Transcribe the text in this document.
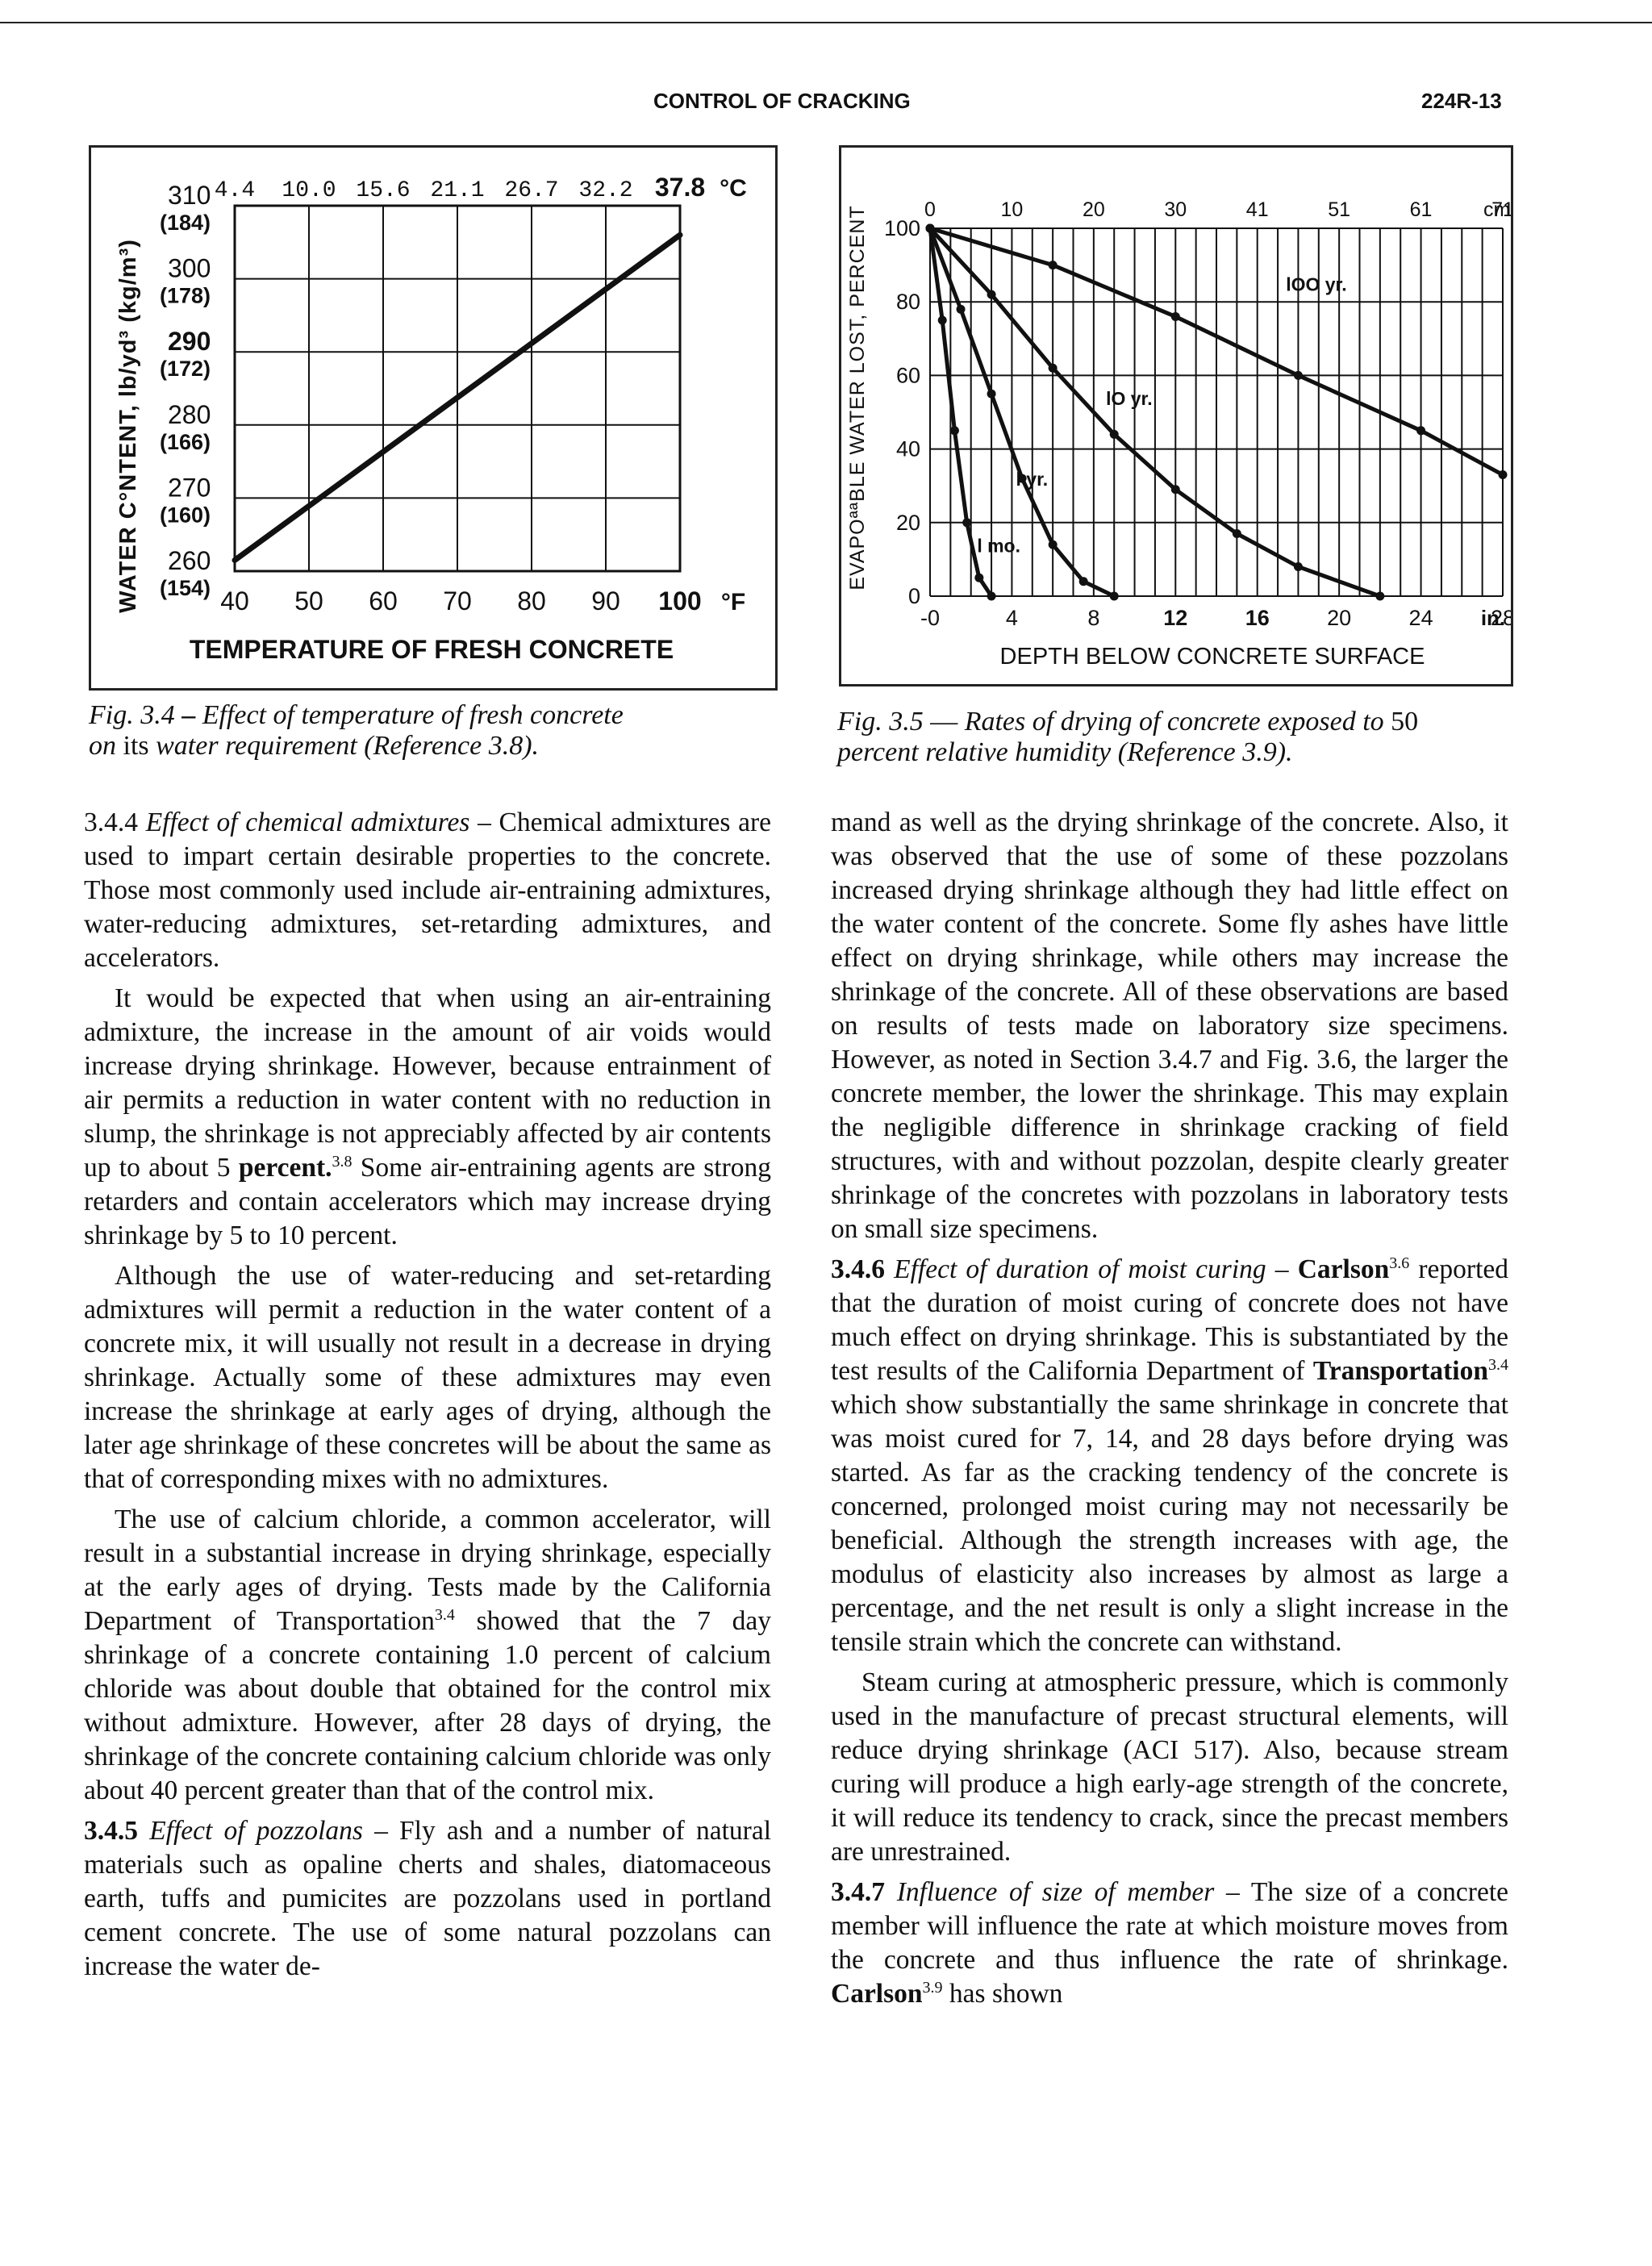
CONTROL OF CRACKING	224R-13
40 50 60 70 80 90 100 °F
4.4 10.0 15.6 21.1 26.7 32.2 37.8 °C
310
(184)
300
(178)
290
(172)
280
(166)
270
(160)
260
(154)
WATER C°NTENT, lb/yd³ (kg/m³)
TEMPERATURE OF FRESH CONCRETE
Fig. 3.4 – Effect of temperature of fresh concrete
on its water requirement (Reference 3.8).
l mo.
l yr.
lO yr.
lOO yr.
-0	4	8	12	16	20	24	28
in.
0	10	20	30	41	51	61	71
cm
100
80
60
40
20
0
EVAPOªªBLE WATER LOST, PERCENT
DEPTH BELOW CONCRETE SURFACE
Fig. 3.5 — Rates of drying of concrete exposed to 50
percent relative humidity (Reference 3.9).

3.4.4 Effect of chemical admixtures – Chemical admixtures are used to impart certain desirable properties to the concrete. Those most commonly used include air-entraining admixtures, water-reducing admixtures, set-retarding admixtures, and accelerators.

It would be expected that when using an air-entraining admixture, the increase in the amount of air voids would increase drying shrinkage. However, because entrainment of air permits a reduction in water content with no reduction in slump, the shrinkage is not appreciably affected by air contents up to about 5 percent.$^{3.8}$ Some air-entraining agents are strong retarders and contain accelerators which may increase drying shrinkage by 5 to 10 percent.

Although the use of water-reducing and set-retarding admixtures will permit a reduction in the water content of a concrete mix, it will usually not result in a decrease in drying shrinkage. Actually some of these admixtures may even increase the shrinkage at early ages of drying, although the later age shrinkage of these concretes will be about the same as that of corresponding mixes with no admixtures.

The use of calcium chloride, a common accelerator, will result in a substantial increase in drying shrinkage, especially at the early ages of drying. Tests made by the California Department of Transportation$^{3.4}$ showed that the 7 day shrinkage of a concrete containing 1.0 percent of calcium chloride was about double that obtained for the control mix without admixture. However, after 28 days of drying, the shrinkage of the concrete containing calcium chloride was only about 40 percent greater than that of the control mix.

3.4.5 Effect of pozzolans – Fly ash and a number of natural materials such as opaline cherts and shales, diatomaceous earth, tuffs and pumicites are pozzolans used in portland cement concrete. The use of some natural pozzolans can increase the water de-

mand as well as the drying shrinkage of the concrete. Also, it was observed that the use of some of these pozzolans increased drying shrinkage although they had little effect on the water content of the concrete. Some fly ashes have little effect on drying shrinkage, while others may increase the shrinkage of the concrete. All of these observations are based on results of tests made on laboratory size specimens. However, as noted in Section 3.4.7 and Fig. 3.6, the larger the concrete member, the lower the shrinkage. This may explain the negligible difference in shrinkage cracking of field structures, with and without pozzolan, despite clearly greater shrinkage of the concretes with pozzolans in laboratory tests on small size specimens.

3.4.6 Effect of duration of moist curing – Carlson$^{3.6}$ reported that the duration of moist curing of concrete does not have much effect on drying shrinkage. This is substantiated by the test results of the California Department of Transportation$^{3.4}$ which show substantially the same shrinkage in concrete that was moist cured for 7, 14, and 28 days before drying was started. As far as the cracking tendency of the concrete is concerned, prolonged moist curing may not necessarily be beneficial. Although the strength increases with age, the modulus of elasticity also increases by almost as large a percentage, and the net result is only a slight increase in the tensile strain which the concrete can withstand.

Steam curing at atmospheric pressure, which is commonly used in the manufacture of precast structural elements, will reduce drying shrinkage (ACI 517). Also, because stream curing will produce a high early-age strength of the concrete, it will reduce its tendency to crack, since the precast members are unrestrained.

3.4.7 Influence of size of member – The size of a concrete member will influence the rate at which moisture moves from the concrete and thus influence the rate of shrinkage. Carlson$^{3.9}$ has shown
